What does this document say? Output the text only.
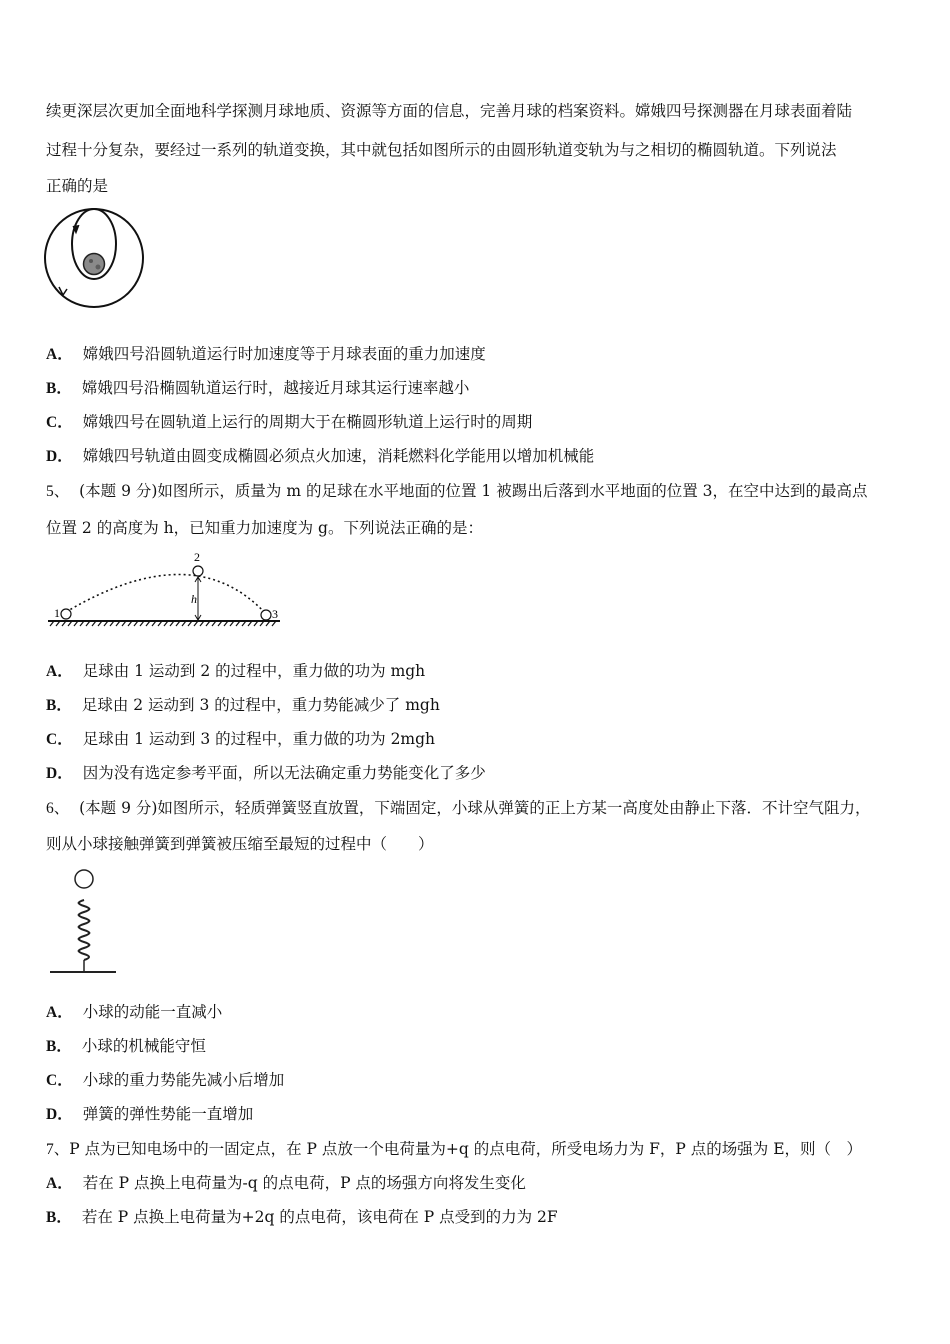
续更深层次更加全面地科学探测月球地质、资源等方面的信息，完善月球的档案资料。嫦娥四号探测器在月球表面着陆
过程十分复杂，要经过一系列的轨道变换，其中就包括如图所示的由圆形轨道变轨为与之相切的椭圆轨道。下列说法
正确的是
A． 嫦娥四号沿圆轨道运行时加速度等于月球表面的重力加速度
B． 嫦娥四号沿椭圆轨道运行时，越接近月球其运行速率越小
C． 嫦娥四号在圆轨道上运行的周期大于在椭圆形轨道上运行时的周期
D． 嫦娥四号轨道由圆变成椭圆必须点火加速，消耗燃料化学能用以增加机械能
5、 (本题 9 分)如图所示，质量为 m 的足球在水平地面的位置 1 被踢出后落到水平地面的位置 3，在空中达到的最高点
位置 2 的高度为 h，已知重力加速度为 g。下列说法正确的是：
1
2
3
h
A． 足球由 1 运动到 2 的过程中，重力做的功为 mgh
B． 足球由 2 运动到 3 的过程中，重力势能减少了 mgh
C． 足球由 1 运动到 3 的过程中，重力做的功为 2mgh
D． 因为没有选定参考平面，所以无法确定重力势能变化了多少
6、 (本题 9 分)如图所示，轻质弹簧竖直放置，下端固定，小球从弹簧的正上方某一高度处由静止下落．不计空气阻力，
则从小球接触弹簧到弹簧被压缩至最短的过程中（　　）
A． 小球的动能一直减小
B． 小球的机械能守恒
C． 小球的重力势能先减小后增加
D． 弹簧的弹性势能一直增加
7、P 点为已知电场中的一固定点，在 P 点放一个电荷量为+q 的点电荷，所受电场力为 F，P 点的场强为 E，则（　）
A． 若在 P 点换上电荷量为-q 的点电荷，P 点的场强方向将发生变化
B． 若在 P 点换上电荷量为+2q 的点电荷，该电荷在 P 点受到的力为 2F
